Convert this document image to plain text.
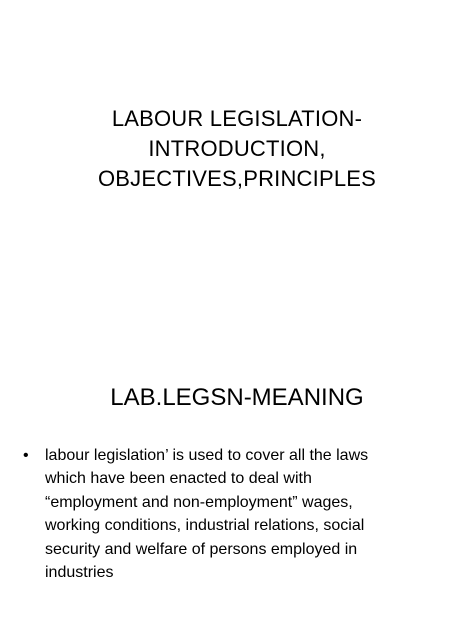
LABOUR LEGISLATION-
INTRODUCTION,
OBJECTIVES,PRINCIPLES
LAB.LEGSN-MEANING
•	labour legislation’ is used to cover all the laws
which have been enacted to deal with
“employment and non-employment” wages,
working conditions, industrial relations, social
security and welfare of persons employed in
industries
